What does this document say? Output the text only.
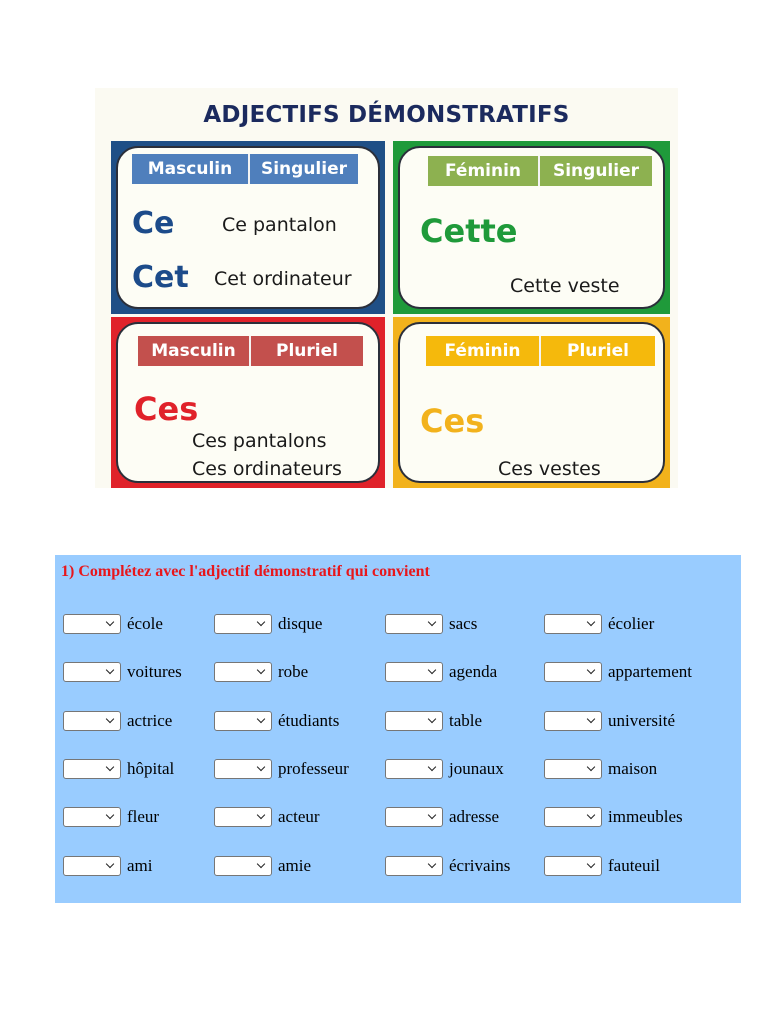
ADJECTIFS DÉMONSTRATIFS
Masculin	Singulier
Ce	Ce pantalon
Cet Cet ordinateur
Féminin	Singulier
Cette
Cette veste
Masculin	Pluriel
Ces
Ces pantalons
Ces ordinateurs
Féminin	Pluriel
Ces
Ces vestes
1) Complétez avec l'adjectif démonstratif qui convient
école	disque	sacs	écolier
voitures	robe	agenda	appartement
actrice	étudiants	table	université
hôpital	professeur	jounaux	maison
fleur	acteur	adresse	immeubles
ami	amie	écrivains	fauteuil
